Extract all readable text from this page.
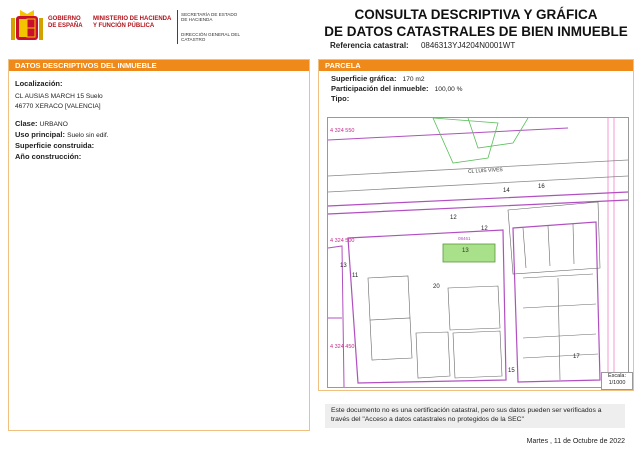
GOBIERNO DE ESPAÑA
MINISTERIO DE HACIENDA Y FUNCIÓN PÚBLICA
SECRETARÍA DE ESTADO DE HACIENDA
DIRECCIÓN GENERAL DEL CATASTRO
CONSULTA DESCRIPTIVA Y GRÁFICA
DE DATOS CATASTRALES DE BIEN INMUEBLE
Referencia catastral: 0846313YJ4204N0001WT
DATOS DESCRIPTIVOS DEL INMUEBLE
Localización:
CL AUSIAS MARCH 15 Suelo
46770 XERACO [VALENCIA]
Clase: URBANO
Uso principal: Suelo sin edif.
Superficie construida:
Año construcción:
PARCELA
Superficie gráfica: 170 m2
Participación del inmueble: 100,00 %
Tipo:
4 324 550
4 324 500
4 324 450
CL LUIS VIVES
08461
13
12
14
16
12
20
13
11
15
17
Escala:
1/1000
Este documento no es una certificación catastral, pero sus datos pueden ser verificados a través del "Acceso a datos catastrales no protegidos de la SEC"
Martes , 11 de Octubre de 2022
